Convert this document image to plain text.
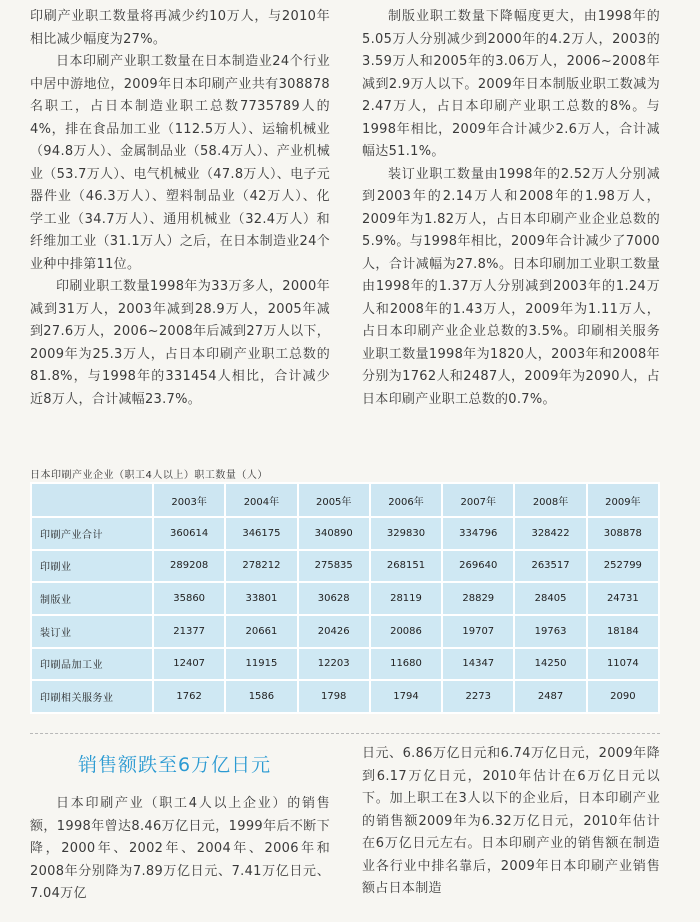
印刷产业职工数量将再减少约10万人，与2010年相比减少幅度为27%。

日本印刷产业职工数量在日本制造业24个行业中居中游地位，2009年日本印刷产业共有308878名职工，占日本制造业职工总数7735789人的4%，排在食品加工业（112.5万人）、运输机械业（94.8万人）、金属制品业（58.4万人）、产业机械业（53.7万人）、电气机械业（47.8万人）、电子元器件业（46.3万人）、塑料制品业（42万人）、化学工业（34.7万人）、通用机械业（32.4万人）和纤维加工业（31.1万人）之后，在日本制造业24个业种中排第11位。

印刷业职工数量1998年为33万多人，2000年减到31万人，2003年减到28.9万人，2005年减到27.6万人，2006~2008年后减到27万人以下，2009年为25.3万人，占日本印刷产业职工总数的81.8%，与1998年的331454人相比，合计减少近8万人，合计减幅23.7%。

制版业职工数量下降幅度更大，由1998年的5.05万人分别减少到2000年的4.2万人，2003的3.59万人和2005年的3.06万人，2006~2008年减到2.9万人以下。2009年日本制版业职工数减为2.47万人，占日本印刷产业职工总数的8%。与1998年相比，2009年合计减少2.6万人，合计减幅达51.1%。

装订业职工数量由1998年的2.52万人分别减到2003年的2.14万人和2008年的1.98万人，2009年为1.82万人，占日本印刷产业企业总数的5.9%。与1998年相比，2009年合计减少了7000人，合计减幅为27.8%。日本印刷加工业职工数量由1998年的1.37万人分别减到2003年的1.24万人和2008年的1.43万人，2009年为1.11万人，占日本印刷产业企业总数的3.5%。印刷相关服务业职工数量1998年为1820人，2003年和2008年分别为1762人和2487人，2009年为2090人，占日本印刷产业职工总数的0.7%。

日本印刷产业企业（职工4人以上）职工数量（人）
	2003年	2004年	2005年	2006年	2007年	2008年	2009年
印刷产业合计	360614	346175	340890	329830	334796	328422	308878
印刷业	289208	278212	275835	268151	269640	263517	252799
制版业	35860	33801	30628	28119	28829	28405	24731
装订业	21377	20661	20426	20086	19707	19763	18184
印刷品加工业	12407	11915	12203	11680	14347	14250	11074
印刷相关服务业	1762	1586	1798	1794	2273	2487	2090
销售额跌至6万亿日元

日本印刷产业（职工4人以上企业）的销售额，1998年曾达8.46万亿日元，1999年后不断下降，2000年、2002年、2004年、2006年和2008年分别降为7.89万亿日元、7.41万亿日元、7.04万亿

日元、6.86万亿日元和6.74万亿日元，2009年降到6.17万亿日元，2010年估计在6万亿日元以下。加上职工在3人以下的企业后，日本印刷产业的销售额2009年为6.32万亿日元，2010年估计在6万亿日元左右。日本印刷产业的销售额在制造业各行业中排名靠后，2009年日本印刷产业销售额占日本制造
